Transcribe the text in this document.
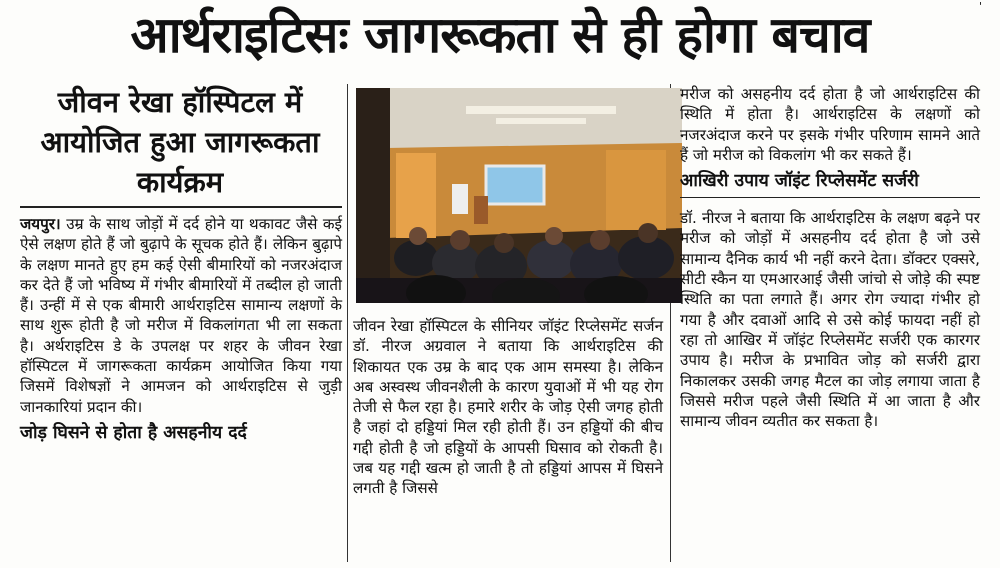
आर्थराइटिसः जागरूकता से ही होगा बचाव	'
जीवन रेखा हॉस्पिटल में आयोजित हुआ जागरूकता कार्यक्रम

जयपुर। उम्र के साथ जोड़ों में दर्द होने या थकावट जैसे कई ऐसे लक्षण होते हैं जो बुढ़ापे के सूचक होते हैं। लेकिन बुढ़ापे के लक्षण मानते हुए हम कई ऐसी बीमारियों को नजरअंदाज कर देते हैं जो भविष्य में गंभीर बीमारियों में तब्दील हो जाती हैं। उन्हीं में से एक बीमारी आर्थराइटिस सामान्य लक्षणों के साथ शुरू होती है जो मरीज में विकलांगता भी ला सकता है। अर्थराइटिस डे के उपलक्ष पर शहर के जीवन रेखा हॉस्पिटल में जागरूकता कार्यक्रम आयोजित किया गया जिसमें विशेषज्ञों ने आमजन को आर्थराइटिस से जुड़ी जानकारियां प्रदान की।

जोड़ घिसने से होता है असहनीय दर्द

जीवन रेखा हॉस्पिटल के सीनियर जॉइंट रिप्लेसमेंट सर्जन डॉ. नीरज अग्रवाल ने बताया कि आर्थराइटिस की शिकायत एक उम्र के बाद एक आम समस्या है। लेकिन अब अस्वस्थ जीवनशैली के कारण युवाओं में भी यह रोग तेजी से फैल रहा है। हमारे शरीर के जोड़ ऐसी जगह होती है जहां दो हड्डियां मिल रही होती हैं। उन हड्डियों की बीच गद्दी होती है जो हड्डियों के आपसी घिसाव को रोकती है। जब यह गद्दी खत्म हो जाती है तो हड्डियां आपस में घिसने लगती है जिससे

मरीज को असहनीय दर्द होता है जो आर्थराइटिस की स्थिति में होता है। आर्थराइटिस के लक्षणों को नजरअंदाज करने पर इसके गंभीर परिणाम सामने आते हैं जो मरीज को विकलांग भी कर सकते हैं।

आखिरी उपाय जॉइंट रिप्लेसमेंट सर्जरी

डॉ. नीरज ने बताया कि आर्थराइटिस के लक्षण बढ़ने पर मरीज को जोड़ों में असहनीय दर्द होता है जो उसे सामान्य दैनिक कार्य भी नहीं करने देता। डॉक्टर एक्सरे, सीटी स्कैन या एमआरआई जैसी जांचो से जोड़े की स्पष्ट स्थिति का पता लगाते हैं। अगर रोग ज्यादा गंभीर हो गया है और दवाओं आदि से उसे कोई फायदा नहीं हो रहा तो आखिर में जॉइंट रिप्लेसमेंट सर्जरी एक कारगर उपाय है। मरीज के प्रभावित जोड़ को सर्जरी द्वारा निकालकर उसकी जगह मैटल का जोड़ लगाया जाता है जिससे मरीज पहले जैसी स्थिति में आ जाता है और सामान्य जीवन व्यतीत कर सकता है।
